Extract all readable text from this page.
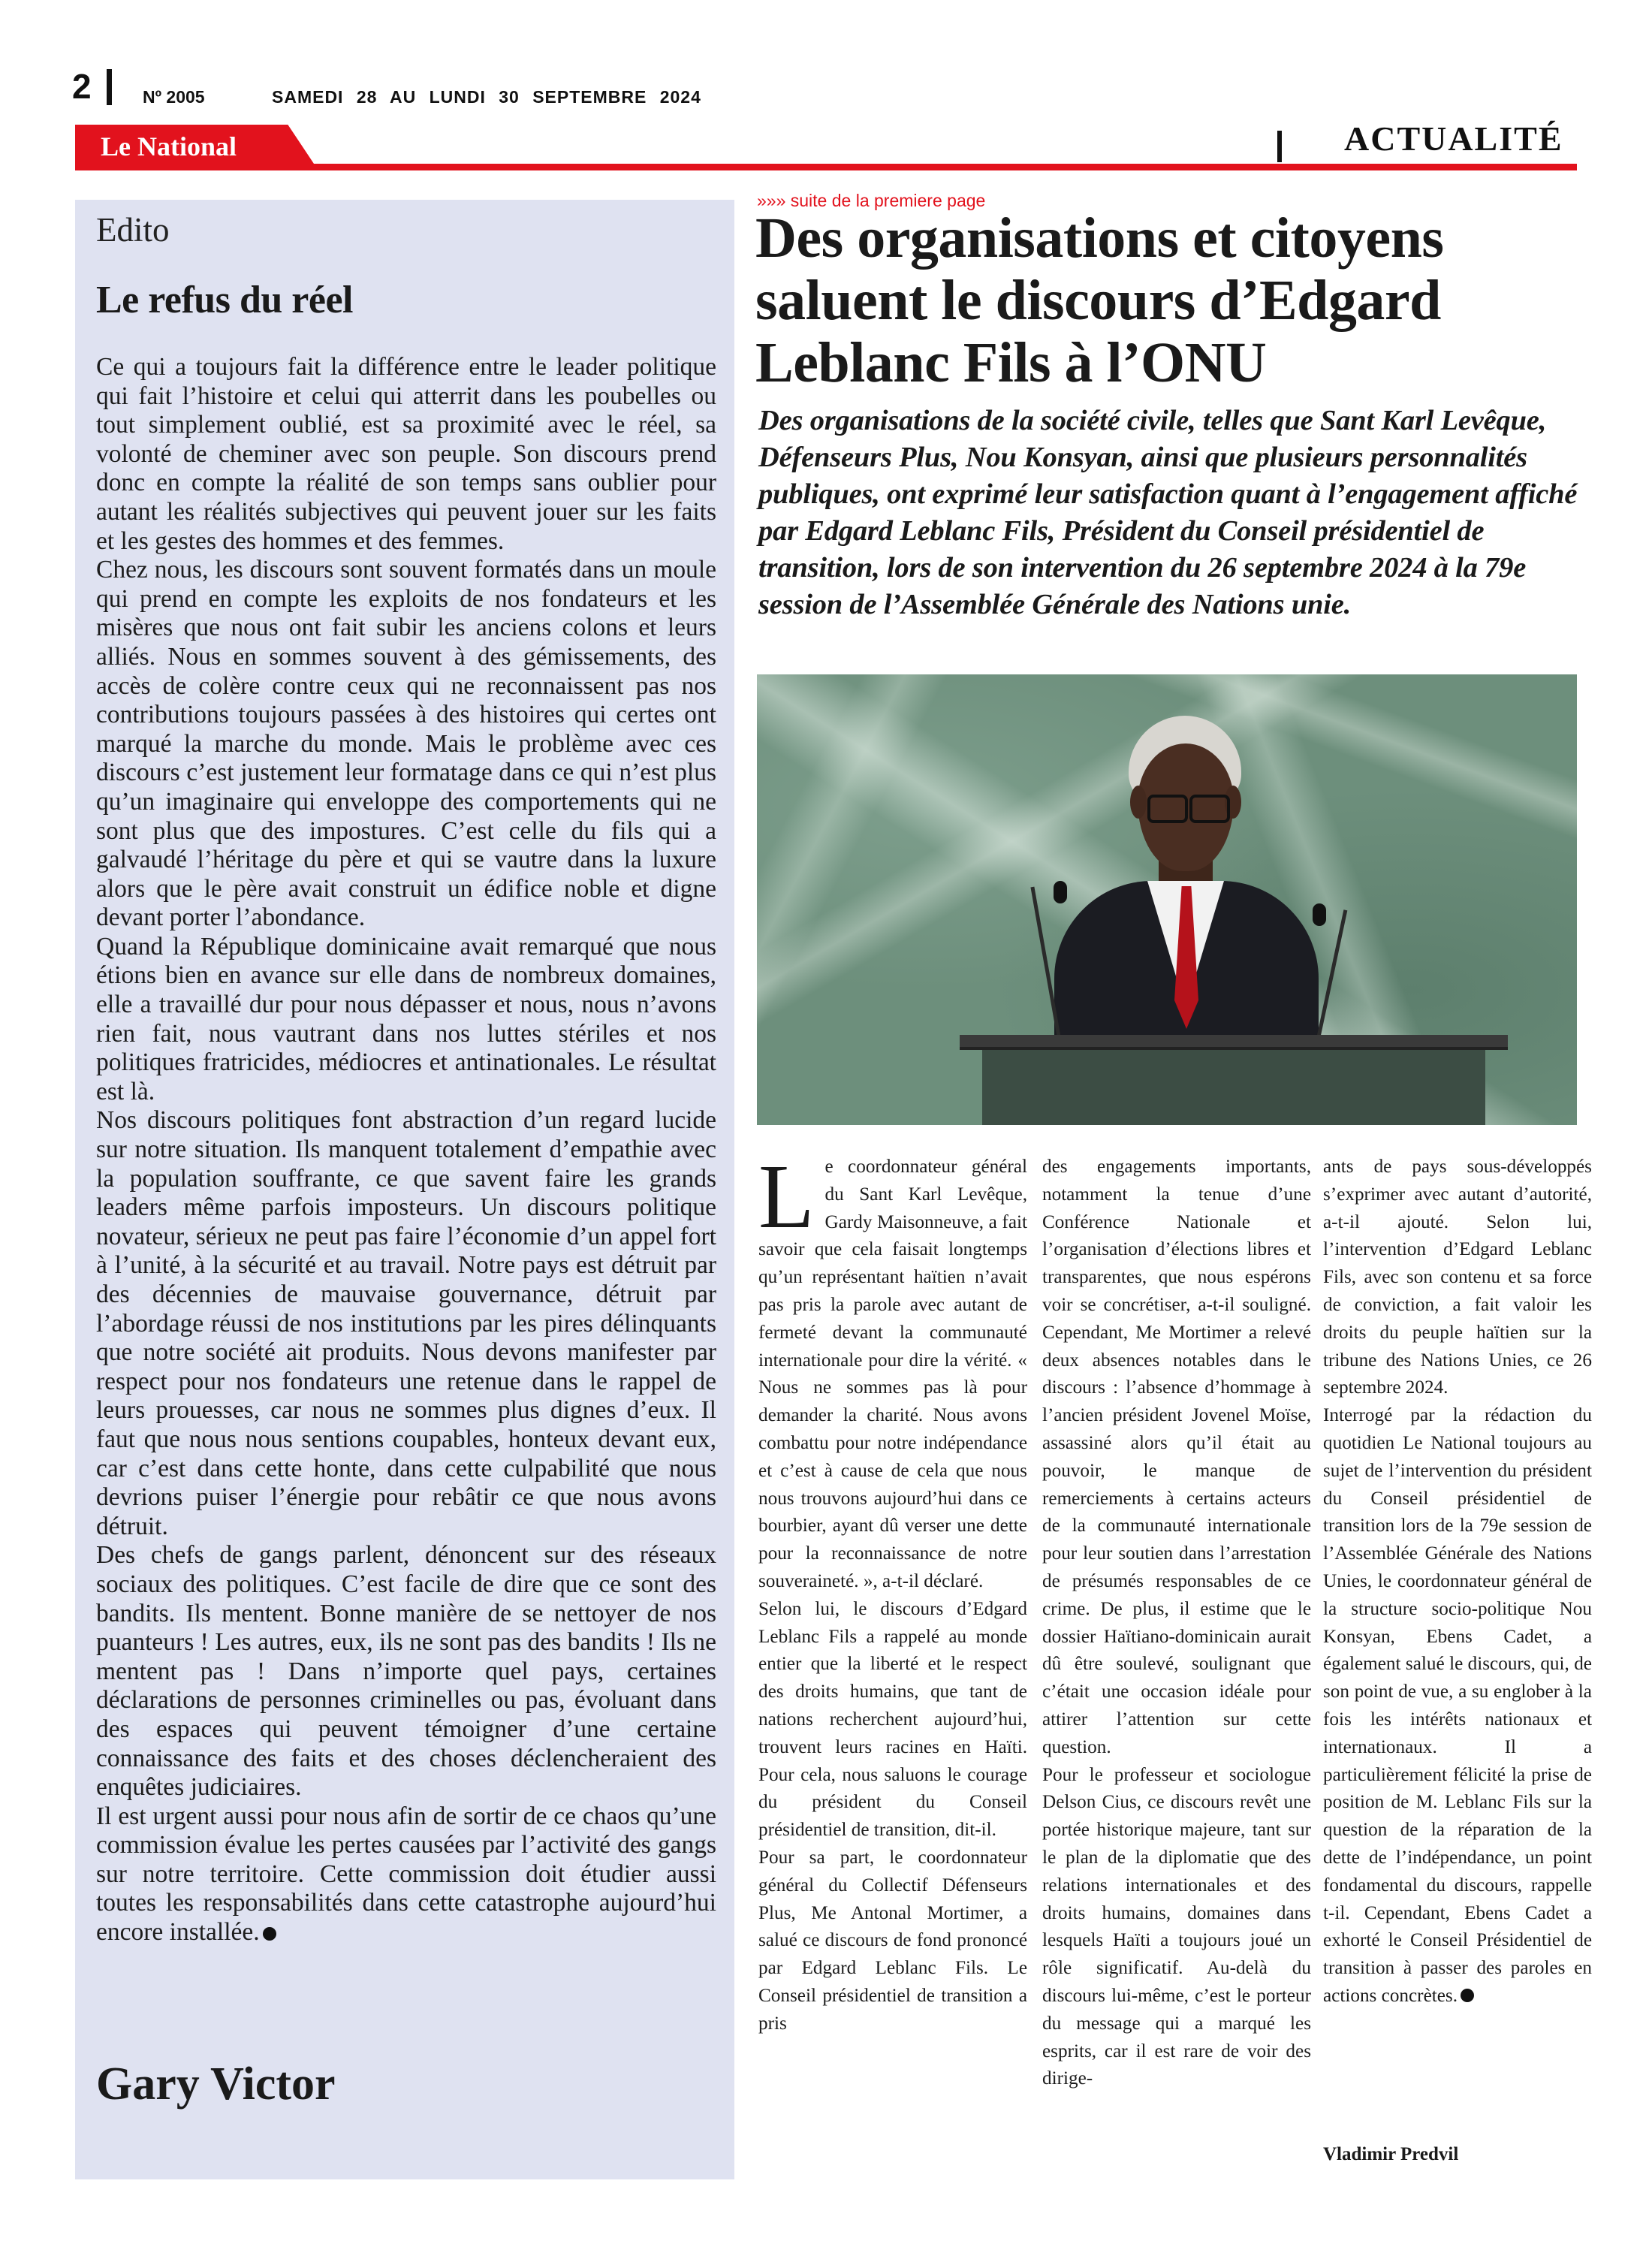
2	Nº 2005	SAMEDI 28 AU LUNDI 30 SEPTEMBRE 2024
Le National	ACTUALITÉ
Edito
Le refus du réel

Ce qui a toujours fait la différence entre le leader politique qui fait l’histoire et celui qui atterrit dans les poubelles ou tout simplement oublié, est sa proximité avec le réel, sa volonté de cheminer avec son peuple. Son discours prend donc en compte la réalité de son temps sans oublier pour autant les réalités subjectives qui peuvent jouer sur les faits et les gestes des hommes et des femmes.

Chez nous, les discours sont souvent formatés dans un moule qui prend en compte les exploits de nos fondateurs et les misères que nous ont fait subir les anciens colons et leurs alliés. Nous en sommes souvent à des gémissements, des accès de colère contre ceux qui ne reconnaissent pas nos contributions toujours passées à des histoires qui certes ont marqué la marche du monde. Mais le problème avec ces discours c’est justement leur formatage dans ce qui n’est plus qu’un imaginaire qui enveloppe des comportements qui ne sont plus que des impostures. C’est celle du fils qui a galvaudé l’héritage du père et qui se vautre dans la luxure alors que le père avait construit un édifice noble et digne devant porter l’abondance.

Quand la République dominicaine avait remarqué que nous étions bien en avance sur elle dans de nombreux domaines, elle a travaillé dur pour nous dépasser et nous, nous n’avons rien fait, nous vautrant dans nos luttes stériles et nos politiques fratricides, médiocres et antinationales. Le résultat est là.

Nos discours politiques font abstraction d’un regard lucide sur notre situation. Ils manquent totalement d’empathie avec la population souffrante, ce que savent faire les grands leaders même parfois imposteurs. Un discours politique novateur, sérieux ne peut pas faire l’économie d’un appel fort à l’unité, à la sécurité et au travail. Notre pays est détruit par des décennies de mauvaise gouvernance, détruit par l’abordage réussi de nos institutions par les pires délinquants que notre société ait produits. Nous devons manifester par respect pour nos fondateurs une retenue dans le rappel de leurs prouesses, car nous ne sommes plus dignes d’eux. Il faut que nous nous sentions coupables, honteux devant eux, car c’est dans cette honte, dans cette culpabilité que nous devrions puiser l’énergie pour rebâtir ce que nous avons détruit.

Des chefs de gangs parlent, dénoncent sur des réseaux sociaux des politiques. C’est facile de dire que ce sont des bandits. Ils mentent. Bonne manière de se nettoyer de nos puanteurs ! Les autres, eux, ils ne sont pas des bandits ! Ils ne mentent pas ! Dans n’importe quel pays, certaines déclarations de personnes criminelles ou pas, évoluant dans des espaces qui peuvent témoigner d’une certaine connaissance des faits et des choses déclencheraient des enquêtes judiciaires.

Il est urgent aussi pour nous afin de sortir de ce chaos qu’une commission évalue les pertes causées par l’activité des gangs sur notre territoire. Cette commission doit étudier aussi toutes les responsabilités dans cette catastrophe aujourd’hui encore installée.

Gary Victor
»»» suite de la premiere page
Des organisations et citoyens saluent le discours d’Edgard Leblanc Fils à l’ONU
Des organisations de la société civile, telles que Sant Karl Levêque, Défenseurs Plus, Nou Konsyan, ainsi que plusieurs personnalités publiques, ont exprimé leur satisfaction quant à l’engagement affiché par Edgard Leblanc Fils, Président du Conseil présidentiel de transition, lors de son intervention du 26 septembre 2024 à la 79e session de l’Assemblée Générale des Nations unie.

Le coordonnateur général du Sant Karl Levêque, Gardy Maisonneuve, a fait savoir que cela faisait longtemps qu’un représentant haïtien n’avait pas pris la parole avec autant de fermeté devant la communauté internationale pour dire la vérité. « Nous ne sommes pas là pour demander la charité. Nous avons combattu pour notre indépendance et c’est à cause de cela que nous nous trouvons aujourd’hui dans ce bourbier, ayant dû verser une dette pour la reconnaissance de notre souveraineté. », a-t-il déclaré.

Selon lui, le discours d’Edgard Leblanc Fils a rappelé au monde entier que la liberté et le respect des droits humains, que tant de nations recherchent aujourd’hui, trouvent leurs racines en Haïti. Pour cela, nous saluons le courage du président du Conseil présidentiel de transition, dit-il.

Pour sa part, le coordonnateur général du Collectif Défenseurs Plus, Me Antonal Mortimer, a salué ce discours de fond prononcé par Edgard Leblanc Fils. Le Conseil présidentiel de transition a pris

des engagements importants, notamment la tenue d’une Conférence Nationale et l’organisation d’élections libres et transparentes, que nous espérons voir se concrétiser, a-t-il souligné. Cependant, Me Mortimer a relevé deux absences notables dans le discours : l’absence d’hommage à l’ancien président Jovenel Moïse, assassiné alors qu’il était au pouvoir, le manque de remerciements à certains acteurs de la communauté internationale pour leur soutien dans l’arrestation de présumés responsables de ce crime. De plus, il estime que le dossier Haïtiano-dominicain aurait dû être soulevé, soulignant que c’était une occasion idéale pour attirer l’attention sur cette question.

Pour le professeur et sociologue Delson Cius, ce discours revêt une portée historique majeure, tant sur le plan de la diplomatie que des relations internationales et des droits humains, domaines dans lesquels Haïti a toujours joué un rôle significatif. Au-delà du discours lui-même, c’est le porteur du message qui a marqué les esprits, car il est rare de voir des dirige-

ants de pays sous-développés s’exprimer avec autant d’autorité, a-t-il ajouté. Selon lui, l’intervention d’Edgard Leblanc Fils, avec son contenu et sa force de conviction, a fait valoir les droits du peuple haïtien sur la tribune des Nations Unies, ce 26 septembre 2024.

Interrogé par la rédaction du quotidien Le National toujours au sujet de l’intervention du président du Conseil présidentiel de transition lors de la 79e session de l’Assemblée Générale des Nations Unies, le coordonnateur général de la structure socio-politique Nou Konsyan, Ebens Cadet, a également salué le discours, qui, de son point de vue, a su englober à la fois les intérêts nationaux et internationaux. Il a particulièrement félicité la prise de position de M. Leblanc Fils sur la question de la réparation de la dette de l’indépendance, un point fondamental du discours, rappelle t-il. Cependant, Ebens Cadet a exhorté le Conseil Présidentiel de transition à passer des paroles en actions concrètes.

Vladimir Predvil
